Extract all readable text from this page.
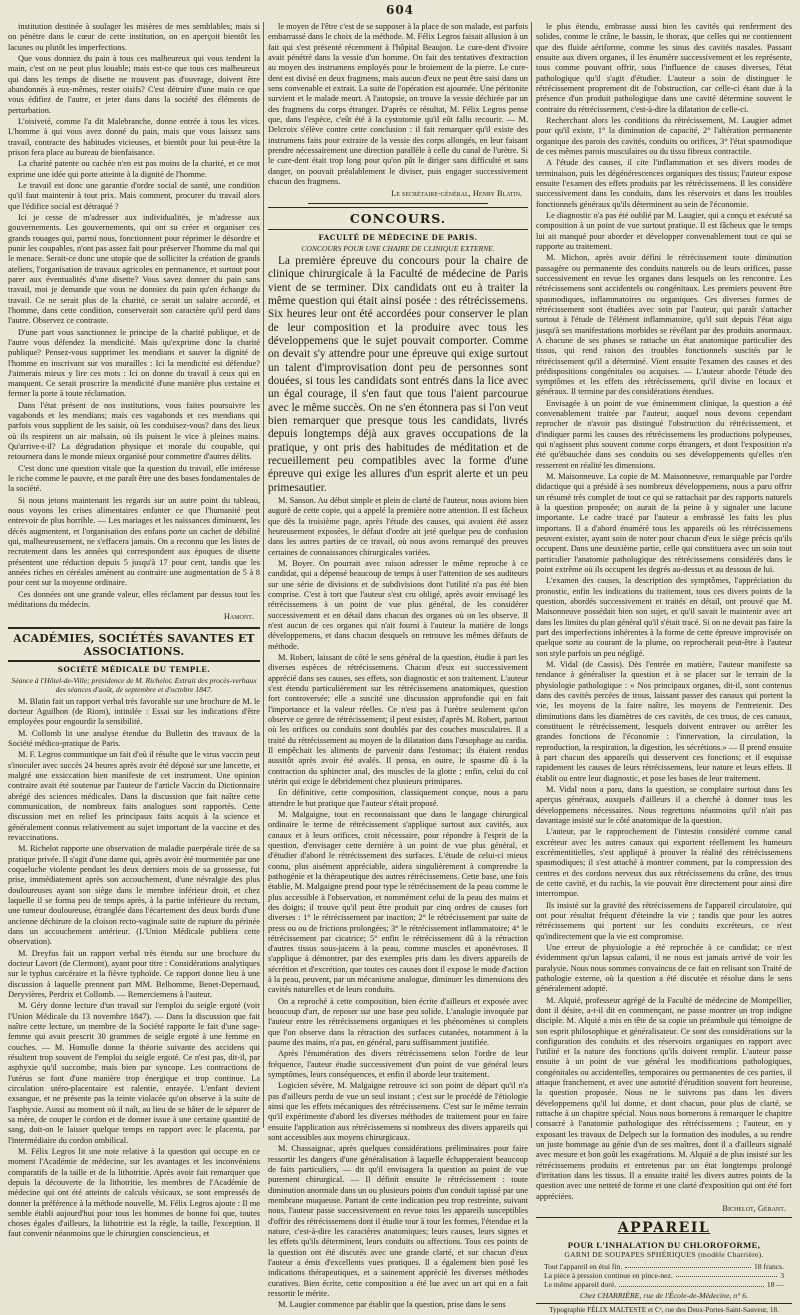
604

institution destinée à soulager les misères de mes semblables; mais si on pénètre dans le cœur de cette institution, on en aperçoit bientôt les lacunes ou plutôt les imperfections.

Que vous donniez du pain à tous ces malheureux qui vous tendent la main, c'est on ne peut plus louable; mais est-ce que tous ces malheureux qui dans les temps de disette ne trouvent pas d'ouvrage, doivent être abandonnés à eux-mêmes, rester oisifs? C'est détruire d'une main ce que vous édifiez de l'autre, et jeter dans dans la société des éléments de perturbation.

L'oisiveté, comme l'a dit Malebranche, donne entrée à tous les vices. L'homme à qui vous avez donné du pain, mais que vous laissez sans travail, contracte des habitudes vicieuses, et bientôt pour lui peut-être la prison fera place au bureau de bienfaisance.

La charité patente ou cachée n'en est pas moins de la charité, et ce mot exprime une idée qui porte atteinte à la dignité de l'homme.

Le travail est donc une garantie d'ordre social de santé, une condition qu'il faut maintenir à tout prix. Mais comment, procurer du travail alors que l'édifice social est détraqué ?

Ici je cesse de m'adresser aux individualités, je m'adresse aux gouvernements. Les gouvernements, qui ont su créer et organiser ces grands rouages qui, parmi nous, fonctionnent pour réprimer le désordre et punir les coupables, n'ont pas assez fait pour préserver l'homme du mal qui le menace. Serait-ce donc une utopie que de solliciter la création de grands ateliers, l'organisation de travaux agricoles en permanence, et surtout pour parer aux éventualités d'une disette? Vous savez donner du pain sans travail, moi je demande que vous ne donniez du pain qu'en échange du travail. Ce ne serait plus de la charité, ce serait un salaire accordé, et l'homme, dans cette condition, conserverait son caractère qu'il perd dans l'autre. Observez ce contraste.

D'une part vous sanctionnez le principe de la charité publique, et de l'autre vous défendez la mendicité. Mais qu'exprime donc la charité publique? Pensez-vous supprimer les mendians et sauver la dignité de l'homme en inscrivant sur vos murailles : Ici la mendicité est défendue? J'aimerais mieux y lire ces mots : Ici on donne du travail à ceux qui en manquent. Ce serait proscrire la mendicité d'une manière plus certaine et fermer la porte à toute réclamation.

Dans l'état présent de nos institutions, vous faites poursuivre les vagabonds et les mendians; mais ces vagabonds et ces mendians qui parfois vous supplient de les saisir, où les conduisez-vous? dans des lieux où ils respirent un air malsain, où ils puisent le vice à pleines mains. Qu'arrive-t-il? La dégradation physique et morale du coupable, qui retournera dans le monde mieux organisé pour commettre d'autres délits.

C'est donc une question vitale que la question du travail, elle intéresse le riche comme le pauvre, et me paraît être une des bases fondamentales de la société.

Si nous jetons maintenant les regards sur un autre point du tableau, nous voyons les crises alimentaires enfanter ce que l'humanité peut entrevoir de plus horrible. — Les mariages et les naissances diminuent, les décès augmentent, et l'organisation des enfans porte un cachet de débilité qui, malheureusement, ne s'effacera jamais. On a reconnu que les listes de recrutement dans les années qui correspondent aux époques de disette présentent une réduction depuis 5 jusqu'à 17 pour cent, tandis que les années riches en céréales amènent au contraire une augmentation de 5 à 8 pour cent sur la moyenne ordinaire.

Ces données ont une grande valeur, elles réclament par dessus tout les méditations du médecin.

Hamont.
ACADÉMIES, SOCIÉTÉS SAVANTES ET ASSOCIATIONS.
SOCIÉTÉ MÉDICALE DU TEMPLE.
Séance à l'Hôtel-de-Ville; présidence de M. Richelot. Extrait des procès-verbaux des séances d'août, de septembre et d'octobre 1847.

M. Blatin fait un rapport verbal très favorable sur une brochure de M. le docteur Aguilhon (de Riom), intitulée : Essai sur les indications d'être employées pour engourdir la sensibilité.

M. Collomb lit une analyse étendue du Bulletin des travaux de la Société médico-pratique de Paris.

M. F. Legros communique un fait d'où il résulte que le virus vaccin peut s'inoculer avec succès 24 heures après avoir été déposé sur une lancette, et malgré une exsiccation bien manifeste de cet instrument. Une opinion contraire avait été soutenue par l'auteur de l'article Vaccin du Dictionnaire abrégé des sciences médicales. Dans la discussion que fait naître cette communication, de nombreux faits analogues sont rapportés. Cette discussion met en relief les principaux faits acquis à la science et généralement connus relativement au sujet important de la vaccine et des revaccinations.

M. Richelot rapporte une observation de maladie puerpérale tirée de sa pratique privée. Il s'agit d'une dame qui, après avoir été tourmentée par une coqueluche violente pendant les deux derniers mois de sa grossesse, fut prise, immédiatement après son accouchement, d'une névralgie des plus douloureuses ayant son siège dans le membre inférieur droit, et chez laquelle il se forma peu de temps après, à la partie inférieure du rectum, une tumeur douloureuse, étranglée dans l'écartement des deux bords d'une ancienne déchirure de la cloison recto-vaginale suite de rupture du périnée dans un accouchement antérieur. (L'Union Médicale publiera cette observation).

M. Dreyfus fait un rapport verbal très étendu sur une brochure du docteur Lavort (de Clermont), ayant pour titre : Considérations analytiques sur le typhus carcéraire et la fièvre typhoïde. Ce rapport donne lieu à une discussion à laquelle prennent part MM. Belhomme, Benet-Depernaud, Deryvières, Perdrix et Collomb. — Remerciemens à l'auteur.

M. Géry donne lecture d'un travail sur l'emploi du seigle ergoté (voir l'Union Médicale du 13 novembre 1847). — Dans la discussion que fait naître cette lecture, un membre de la Société rapporte le fait d'une sage-femme qui avait prescrit 30 grammes de seigle ergoté à une femme en couches. — M. Homolle donne la théorie suivante des accidens qui résultent trop souvent de l'emploi du seigle ergoté. Ce n'est pas, dit-il, par asphyxie qu'il succombe, mais bien par syncope. Les contractions de l'utérus se font d'une manière trop énergique et trop continue. La circulation utéro-placentaire est ralentie, enrayée. L'enfant devient exsangue, et ne présente pas la teinte violacée qu'on observe à la suite de l'asphyxie. Aussi au moment où il naît, au lieu de se hâter de le séparer de sa mère, de couper le cordon et de donner issue à une certaine quantité de sang, doit-on le laisser quelque temps en rapport avec le placenta, par l'intermédiaire du cordon ombilical.

M. Félix Legros lit une note relative à la question qui occupe en ce moment l'Académie de médecine, sur les avantages et les inconvéniens comparatifs de la taille et de la lithotritie. Après avoir fait remarquer que depuis la découverte de la lithotritie, les membres de l'Académie de médecine qui ont été atteints de calculs vésicaux, se sont empressés de donner la préférence à la méthode nouvelle, M. Félix Legros ajoute : Il me semble établi aujourd'hui pour tous les hommes de bonne foi que, toutes choses égales d'ailleurs, la lithotritie est la règle, la taille, l'exception. Il faut convenir néanmoins que le chirurgien consciencieux, et

le moyen de l'être c'est de se supposer à la place de son malade, est parfois embarrassé dans le choix de la méthode. M. Félix Legros faisait allusion à un fait qui s'est présenté récemment à l'hôpital Beaujon. Le cure-dent d'ivoire avait pénétré dans la vessie d'un homme. On fait des tentatives d'extraction au moyen des instrumens employés pour le broiement de la pierre. Le cure-dent est divisé en deux fragmens, mais aucun d'eux ne peut être saisi dans un sens convenable et extrait. La suite de l'opération est ajournée. Une péritonite survient et le malade meurt. A l'autopsie, on trouve la vessie déchirée par un des fragmens du corps étranger. D'après ce résultat, M. Félix Legros pense que, dans l'espèce, c'eût été à la cystotomie qu'il eût fallu recourir. — M. Delcroix s'élève contre cette conclusion : il fait remarquer qu'il existe des instrumens faits pour extraire de la vessie des corps allongés, en leur faisant prendre nécessairement une direction parallèle à celle du canal de l'urètre. Si le cure-dent était trop long pour qu'on pût le diriger sans difficulté et sans danger, on pouvait préalablement le diviser, puis engager successivement chacun des fragmens.

Le secrétaire-général, Henry Blatin.
CONCOURS.
FACULTÉ DE MÉDECINE DE PARIS.
CONCOURS POUR UNE CHAIRE DE CLINIQUE EXTERNE.

La première épreuve du concours pour la chaire de clinique chirurgicale à la Faculté de médecine de Paris vient de se terminer. Dix candidats ont eu à traiter la même question qui était ainsi posée : des rétrécissemens. Six heures leur ont été accordées pour conserver le plan de leur composition et la produire avec tous les développemens que le sujet pouvait comporter. Comme on devait s'y attendre pour une épreuve qui exige surtout un talent d'improvisation dont peu de personnes sont douées, si tous les candidats sont entrés dans la lice avec un égal courage, il s'en faut que tous l'aient parcourue avec le même succès. On ne s'en étonnera pas si l'on veut bien remarquer que presque tous les candidats, livrés depuis longtemps déjà aux graves occupations de la pratique, y ont pris des habitudes de méditation et de recueillement peu compatibles avec la forme d'une épreuve qui exige les allures d'un esprit alerte et un peu primesautier.

M. Sanson. Au début simple et plein de clarté de l'auteur, nous avions bien augurè de cette copie, qui a appelé la première notre attention. Il est fâcheux que dès la troisième page, après l'étude des causes, qui avaient été assez heureusement exposées, le défaut d'ordre ait jeté quelque peu de confusion dans les autres parties de ce travail, où nous avons remarqué des preuves certaines de connaissances chirurgicales variées.

M. Boyer. On pourrait avec raison adresser le même reproche à ce candidat, qui a dépensé beaucoup de temps à user l'attention de ses auditeurs sur une série de divisions et de subdivisions dont l'utilité n'a pas été bien comprise. C'est à tort que l'auteur s'est cru obligé, après avoir envisagé les rétrécissemens à un point de vue plus général, de les considérer successivement et en détail dans chacun des organes où on les observe. Il n'est aucun de ces organes qui n'ait fourni à l'auteur la matière de longs développemens, et dans chacun desquels on retrouve les mêmes défauts de méthode.

M. Robert, laissant de côté le sens général de la question, étudie à part les diverses espèces de rétrécissemens. Chacun d'eux est successivement apprécié dans ses causes, ses effets, son diagnostic et son traitement. L'auteur s'est étendu particulièrement sur les rétrécissemens anatomiques, question fort controversée; elle a suscité une discussion approfondie qui en fait l'importance et la valeur réelles. Ce n'est pas à l'urètre seulement qu'on observe ce genre de rétrécissement; il peut exister, d'après M. Robert, partout où les orifices ou conduits sont doublés par des couches musculaires. Il a traité du rétrécissement au moyen de la dilatation dans l'œsophage au cardia. Il empêchait les aliments de parvenir dans l'estomac; ils étaient rendus aussitôt après avoir été avalés. Il pensa, en outre, le spasme dû à la contraction du sphincter anal, des muscles de la glotte ; enfin, celui du col utérin qui exige le débridement chez plusieurs primipares.

En définitive, cette composition, classiquement conçue, nous a paru attendre le but pratique que l'auteur s'était proposé.

M. Malgaigne, tout en reconnaissant que dans le langage chirurgical ordinaire le terme de rétrécissement s'applique surtout aux cavités, aux canaux et à leurs orifices, croit nécessaire, pour répondre à l'esprit de la question, d'envisager cette dernière à un point de vue plus général, et d'étudier d'abord le rétrécissement des surfaces. L'étude de celui-ci mieux connu, plus aisément appréciable, aidera singulièrement à comprendre la pathogénie et la thérapeutique des autres rétrécissemens. Cette base, une fois établie, M. Malgaigne prend pour type le rétrécissement de la peau comme le plus accessible à l'observation, et nommément celui de la peau des mains et des doigts; il trouve qu'il peut être produit par cinq ordres de causes fort diverses : 1° le rétrécissement par inaction; 2° le rétrécissement par suite de press ou ou de frictions prolongées; 3° le rétrécissement inflammatoire; 4° le rétrécissement par cicatrice; 5° enfin le rétrécissement dû à la rétraction d'autres tissus sous-jacens à la peau, comme muscles et aponévroses. Il s'applique à démontrer, par des exemples pris dans les divers appareils de sécrétion et d'excrétion, que toutes ces causes dont il expose le mode d'action à la peau, peuvent, par un mécanisme analogue, diminuer les dimensions des cavités naturelles et de leurs conduits.

On a reproché à cette composition, bien écrite d'ailleurs et exposée avec beaucoup d'art, de reposer sur une base peu solide. L'analogie invoquée par l'auteur entre les rétrécissemens organiques et les phénomènes si complets que l'on observe dans la rétraction des surfaces cutanées, notamment à la paume des mains, n'a pas, en général, paru suffisamment justifiée.

Après l'énumération des divers rétrécissemens selon l'ordre de leur fréquence, l'auteur étudie successivement d'un point de vue général leurs symptômes, leurs conséquences, et enfin il aborde leur traitement.

Logicien sévère, M. Malgaigne retrouve ici son point de départ qu'il n'a pas d'ailleurs perdu de vue un seul instant ; c'est sur le procédé de l'étiologie ainsi que les effets mécaniques des rétrécissemens. C'est sur le même terrain qu'il expérimente d'abord les diverses méthodes de traitement pour en faire ensuite l'application aux rétrécissemens si nombreux des divers appareils qui sont accessibles aux moyens chirurgicaux.

M. Chassaignac, après quelques considérations préliminaires pour faire ressortir les dangers d'une généralisation à laquelle échapperaient beaucoup de faits particuliers, — dit qu'il envisagera la question au point de vue purement chirurgical. — Il définit ensuite le rétrécissement : toute diminution anormale dans un ou plusieurs points d'un conduit tapissé par une membrane muqueuse. Partant de cette indication peu trop restreinte, suivant nous, l'auteur passe successivement en revue tous les appareils susceptibles d'offrir des rétrécissemens dont il étudie tour à tour les formes, l'étendue et la nature, c'est-à-dire les caractères anatomiques; leurs causes, leurs signes et les effets qu'ils déterminent, leurs conduits ou affections. Tous ces points de la question ont été discutés avec une grande clarté, et sur chacun d'eux l'auteur a émis d'excellents vues pratiques. Il a également bien posé les indications thérapeutiques, et a sainement apprécié les diverses méthodes curatives. Bien écrite, cette composition a été lue avec un art qui en a fait ressortir le mérite.

M. Laugier commence par établir que la question, prise dans le sens

le plus étendu, embrasse aussi bien les cavités qui renferment des solides, comme le crâne, le bassin, le thorax, que celles qui ne contiennent que des fluide aériforme, comme les sinus des cavités nasales. Passant ensuite aux divers organes, il les énumère successivement et les représente, tous comme pouvant offrir, sous l'influence de causes diverses, l'état pathologique qu'il s'agit d'étudier. L'auteur a soin de distinguer le rétrécissement proprement dit de l'obstruction, car celle-ci étant due à la présence d'un produit pathologique dans une cavité détermine souvent le contraire du rétrécissement, c'est-à-dire la dilatation de celle-ci.

Recherchant alors les conditions du rétrécissement, M. Laugier admet pour qu'il existe, 1° la diminution de capacité, 2° l'altération permanente organique des parois des cavités, conduits ou orifices, 3° l'état spasmodique de ces mêmes parois musculaires ou du tissu fibreux contractile.

A l'étude des causes, il cite l'inflammation et ses divers modes de terminaison, puis les dégénérescences organiques des tissus; l'auteur expose ensuite l'examen des effets produits par les rétrécissemens. Il les considère successivement dans les conduits, dans les réservoirs et dans les troubles fonctionnels généraux qu'ils déterminent au sein de l'économie.

Le diagnostic n'a pas été oublié par M. Laugier, qui a conçu et exécuté sa composition à un point de vue surtout pratique. Il est fâcheux que le temps lui ait manqué pour aborder et développer convenablement tout ce qui se rapporte au traitement.

M. Michon, après avoir défini le rétrécissement toute diminution passagère ou permanente des conduits naturels ou de leurs orifices, passe successivement en revue les organes dans lesquels on les rencontre. Les rétrécissemens sont accidentels ou congénitaux. Les premiers peuvent être spasmodiques, inflammatoires ou organiques. Ces diverses formes de rétrécissement sont étudiées avec soin par l'auteur, qui paraît s'attacher surtout à l'étude de l'élément inflammatoire, qu'il suit depuis l'état aigu jusqu'à ses manifestations morbides se révélant par des produits anormaux. A chacune de ses phases se rattache un état anatomique particulier des tissus, qui rend raison des troubles fonctionnels suscités par le rétrécissement qu'il a déterminé. Vient ensuite l'examen des causes et des prédispositions congénitales ou acquises. — L'auteur aborde l'étude des symptômes et les effets des rétrécissemens, qu'il divise en locaux et généraux. Il termine par des considérations étendues.

Envisagée à un point de vue éminemment clinique, la question a été convenablement traitée par l'auteur, auquel nous devons cependant reprocher de n'avoir pas distingué l'obstruction du rétrécissement, et d'indiquer parmi les causes des rétrécissemens les productions polypeuses, qui n'agissent plus souvent comme corps étrangers, et dont l'exposition n'a été qu'ébauchée dans ses conduits ou ses développements qu'elles n'en resserrent en réalité les dimensions.

M. Maisonneuve. La copie de M. Maisonneuve, remarquable par l'ordre didactique qui a présidé à ses nombreux développemens, nous a paru offrir un résumé très complet de tout ce qui se rattachait par des rapports naturels à la question proposée; on aurait de la peine à y signaler une lacune importante. Le cadre tracé par l'auteur a embrassé les faits les plus importans. Il a d'abord énuméré tous les appareils où les rétrécissemens peuvent exister, ayant soin de noter pour chacun d'eux le siège précis qu'ils occupent. Dans une deuxième partie, celle qui constituera avec un soin tout particulier l'anatomie pathologique des rétrécissemens considérés dans le point extrême où ils occupent les degrés au-dessus et au dessous de lui.

L'examen des causes, la description des symptômes, l'appréciation du pronostic, enfin les indications du traitement, tous ces divers points de la question, abordés successivement et traités en détail, ont prouvé que M. Maisonneuve possédait bien son sujet, et qu'il savait le maintenir avec art dans les limites du plan général qu'il s'était tracé. Si on ne devait pas faire la part des imperfections inhérentes à la forme de cette épreuve improvisée on quelque sorte au courant de la plume, on reprocherait peut-être à l'auteur son style parfois un peu négligé.

M. Vidal (de Cassis). Dès l'entrée en matière, l'auteur manifeste sa tendance à généraliser la question et à se placer sur le terrain de la physiologie pathologique : « Nos principaux organes, dit-il, sont contenus dans des cavités percées de trous, laissant passer des canaux qui portent la vie, les moyens de la faire naître, les moyens de l'entretenir. Des diminutions dans les diamètres de ces cavités, de ces trous, de ces canaux, constituent le rétrécissement, lesquels doivent entraver ou arrêter les grandes fonctions de l'économie : l'innervation, la circulation, la reproduction, la respiration, la digestion, les sécrétions.» — Il prend ensuite à part chacun des appareils qui desservent ces fonctions; et il esquisse rapidement les causes de leurs rétrécissemens, leur nature et leurs effets. Il établit ou entre leur diagnostic, et pose les bases de leur traitement.

M. Vidal nous a paru, dans la question, se complaire surtout dans les aperçus généraux, auxquels d'ailleurs il a cherché à donner tous les développemens nécessaires. Nous regrettons néanmoins qu'il n'ait pas davantage insisté sur le côté anatomique de la question.

L'auteur, par le rapprochement de l'intestin considéré comme canal excréteur avec les autres canaux qui exportent réellement les humeurs excrémentitielles, s'est appliqué à prouver la réalité des rétrécissemens spasmodiques; il s'est attaché à montrer comment, par la compression des centres et des cordons nerveux dus aux rétrécissemens du crâne, des trous de cette cavité, et du rachis, la vie pouvait être directement pour ainsi dire interrompue.

Ils insisté sur la gravité des rétrécissemens de l'appareil circulatoire, qui ont pour résultat fréquent d'éteindre la vie ; tandis que pour les autres rétrécissemens qui portent sur les conduits excréteurs, ce n'est qu'indirectement que la vie est compromise.

Une erreur de physiologie a été reprochée à ce candidat; ce n'est évidemment qu'un lapsus calami, il ne nous est jamais arrivé de voir les paralysie. Nous nous sommes convaincus de ce fait en relisant son Traité de pathologie externe, où la question a été discutée et résolue dans le sens généralement adopté.

M. Alquié, professeur agrégé de la Faculté de médecine de Montpellier, dont il désire, a-t-il dit en commençant, ne passe montrer un trop indigne disciple. M. Alquié a mis en tête de sa copie un préambule qui témoigne de son esprit philosophique et généralisateur. Ce sont des considérations sur la configuration des conduits et des réservoirs organiques en rapport avec l'utilité et la nature des fonctions qu'ils doivent remplir. L'auteur passe ensuite à un point de vue général les modifications pathologiques, congénitales ou accidentelles, temporaires ou permanentes de ces parties, il attaque franchement, et avec une autorité d'érudition souvent fort heureuse, la question proposée. Nous ne le suivrons pas dans les divers développemens qu'il lui donne, et dont chacun, pour plus de clarté, se rattache à un chapitre spécial. Nous nous bornerons à remarquer le chapitre consacré à l'anatomie pathologique des rétrécissemens ; l'auteur, en y exposant les travaux de Delpech sur la formation des inodules, a su rendre un juste hommage au génie d'un de ses maîtres, dont il a d'ailleurs signalé avec mesure et bon goût les exagérations. M. Alquié a de plus insisté sur les rétrécissemens produits et entretenus par un état longtemps prolongé d'irritation dans les tissus. Il a ensuite traité les divers autres points de la question avec une netteté de forme et une clarté d'exposition qui ont été fort appréciées.

Bichelot, Gérant.
APPAREIL
POUR L'INHALATION DU CHLOROFORME,
GARNI DE SOUPAPES SPHÉRIQUES (modèle Charrière).
Tout l'appareil en étui fin.	18 francs.
La pièce à pression continue en pince-nez.	3
Le même appareil doré.	18 —
Chez CHARRIÈRE, rue de l'École-de-Médecine, n° 6.
Typographie FÉLIX MALTESTE et Cᵉ, rue des Deux-Portes-Saint-Sauveur, 18.
